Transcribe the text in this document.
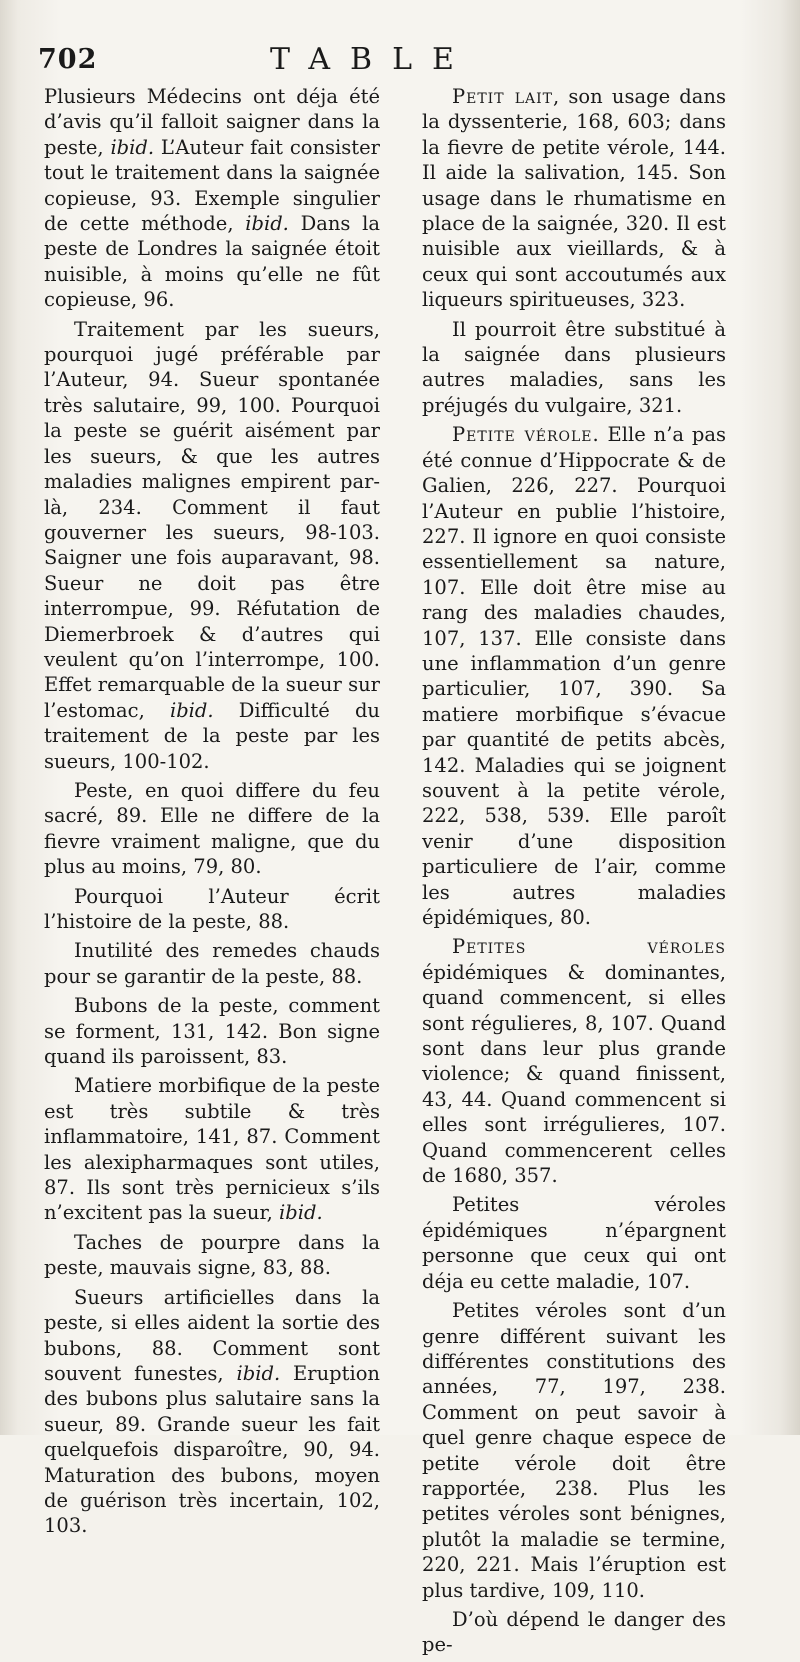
702	TABLE

Plusieurs Médecins ont déja été d’avis qu’il falloit saigner dans la peste, ibid. L’Auteur fait consister tout le traitement dans la saignée copieuse, 93. Exemple singulier de cette méthode, ibid. Dans la peste de Londres la saignée étoit nuisible, à moins qu’elle ne fût copieuse, 96.

Traitement par les sueurs, pourquoi jugé préférable par l’Auteur, 94. Sueur spontanée très salutaire, 99, 100. Pourquoi la peste se guérit aisément par les sueurs, & que les autres maladies malignes empirent par-là, 234. Comment il faut gouverner les sueurs, 98-103. Saigner une fois auparavant, 98. Sueur ne doit pas être interrompue, 99. Réfutation de Diemerbroek & d’autres qui veulent qu’on l’interrompe, 100. Effet remarquable de la sueur sur l’estomac, ibid. Difficulté du traitement de la peste par les sueurs, 100-102.

Peste, en quoi differe du feu sacré, 89. Elle ne differe de la fievre vraiment maligne, que du plus au moins, 79, 80.

Pourquoi l’Auteur écrit l’histoire de la peste, 88.

Inutilité des remedes chauds pour se garantir de la peste, 88.

Bubons de la peste, comment se forment, 131, 142. Bon signe quand ils paroissent, 83.

Matiere morbifique de la peste est très subtile & très inflammatoire, 141, 87. Comment les alexipharmaques sont utiles, 87. Ils sont très pernicieux s’ils n’excitent pas la sueur, ibid.

Taches de pourpre dans la peste, mauvais signe, 83, 88.

Sueurs artificielles dans la peste, si elles aident la sortie des bubons, 88. Comment sont souvent funestes, ibid. Eruption des bubons plus salutaire sans la sueur, 89. Grande sueur les fait quelquefois disparoître, 90, 94. Maturation des bubons, moyen de guérison très incertain, 102, 103.

Petit lait, son usage dans la dyssenterie, 168, 603; dans la fievre de petite vérole, 144. Il aide la salivation, 145. Son usage dans le rhumatisme en place de la saignée, 320. Il est nuisible aux vieillards, & à ceux qui sont accoutumés aux liqueurs spiritueuses, 323.

Il pourroit être substitué à la saignée dans plusieurs autres maladies, sans les préjugés du vulgaire, 321.

Petite vérole. Elle n’a pas été connue d’Hippocrate & de Galien, 226, 227. Pourquoi l’Auteur en publie l’histoire, 227. Il ignore en quoi consiste essentiellement sa nature, 107. Elle doit être mise au rang des maladies chaudes, 107, 137. Elle consiste dans une inflammation d’un genre particulier, 107, 390. Sa matiere morbifique s’évacue par quantité de petits abcès, 142. Maladies qui se joignent souvent à la petite vérole, 222, 538, 539. Elle paroît venir d’une disposition particuliere de l’air, comme les autres maladies épidémiques, 80.

Petites véroles épidémiques & dominantes, quand commencent, si elles sont régulieres, 8, 107. Quand sont dans leur plus grande violence; & quand finissent, 43, 44. Quand commencent si elles sont irrégulieres, 107. Quand commencerent celles de 1680, 357.

Petites véroles épidémiques n’épargnent personne que ceux qui ont déja eu cette maladie, 107.

Petites véroles sont d’un genre différent suivant les différentes constitutions des années, 77, 197, 238. Comment on peut savoir à quel genre chaque espece de petite vérole doit être rapportée, 238. Plus les petites véroles sont bénignes, plutôt la maladie se termine, 220, 221. Mais l’éruption est plus tardive, 109, 110.

D’où dépend le danger des pe-
